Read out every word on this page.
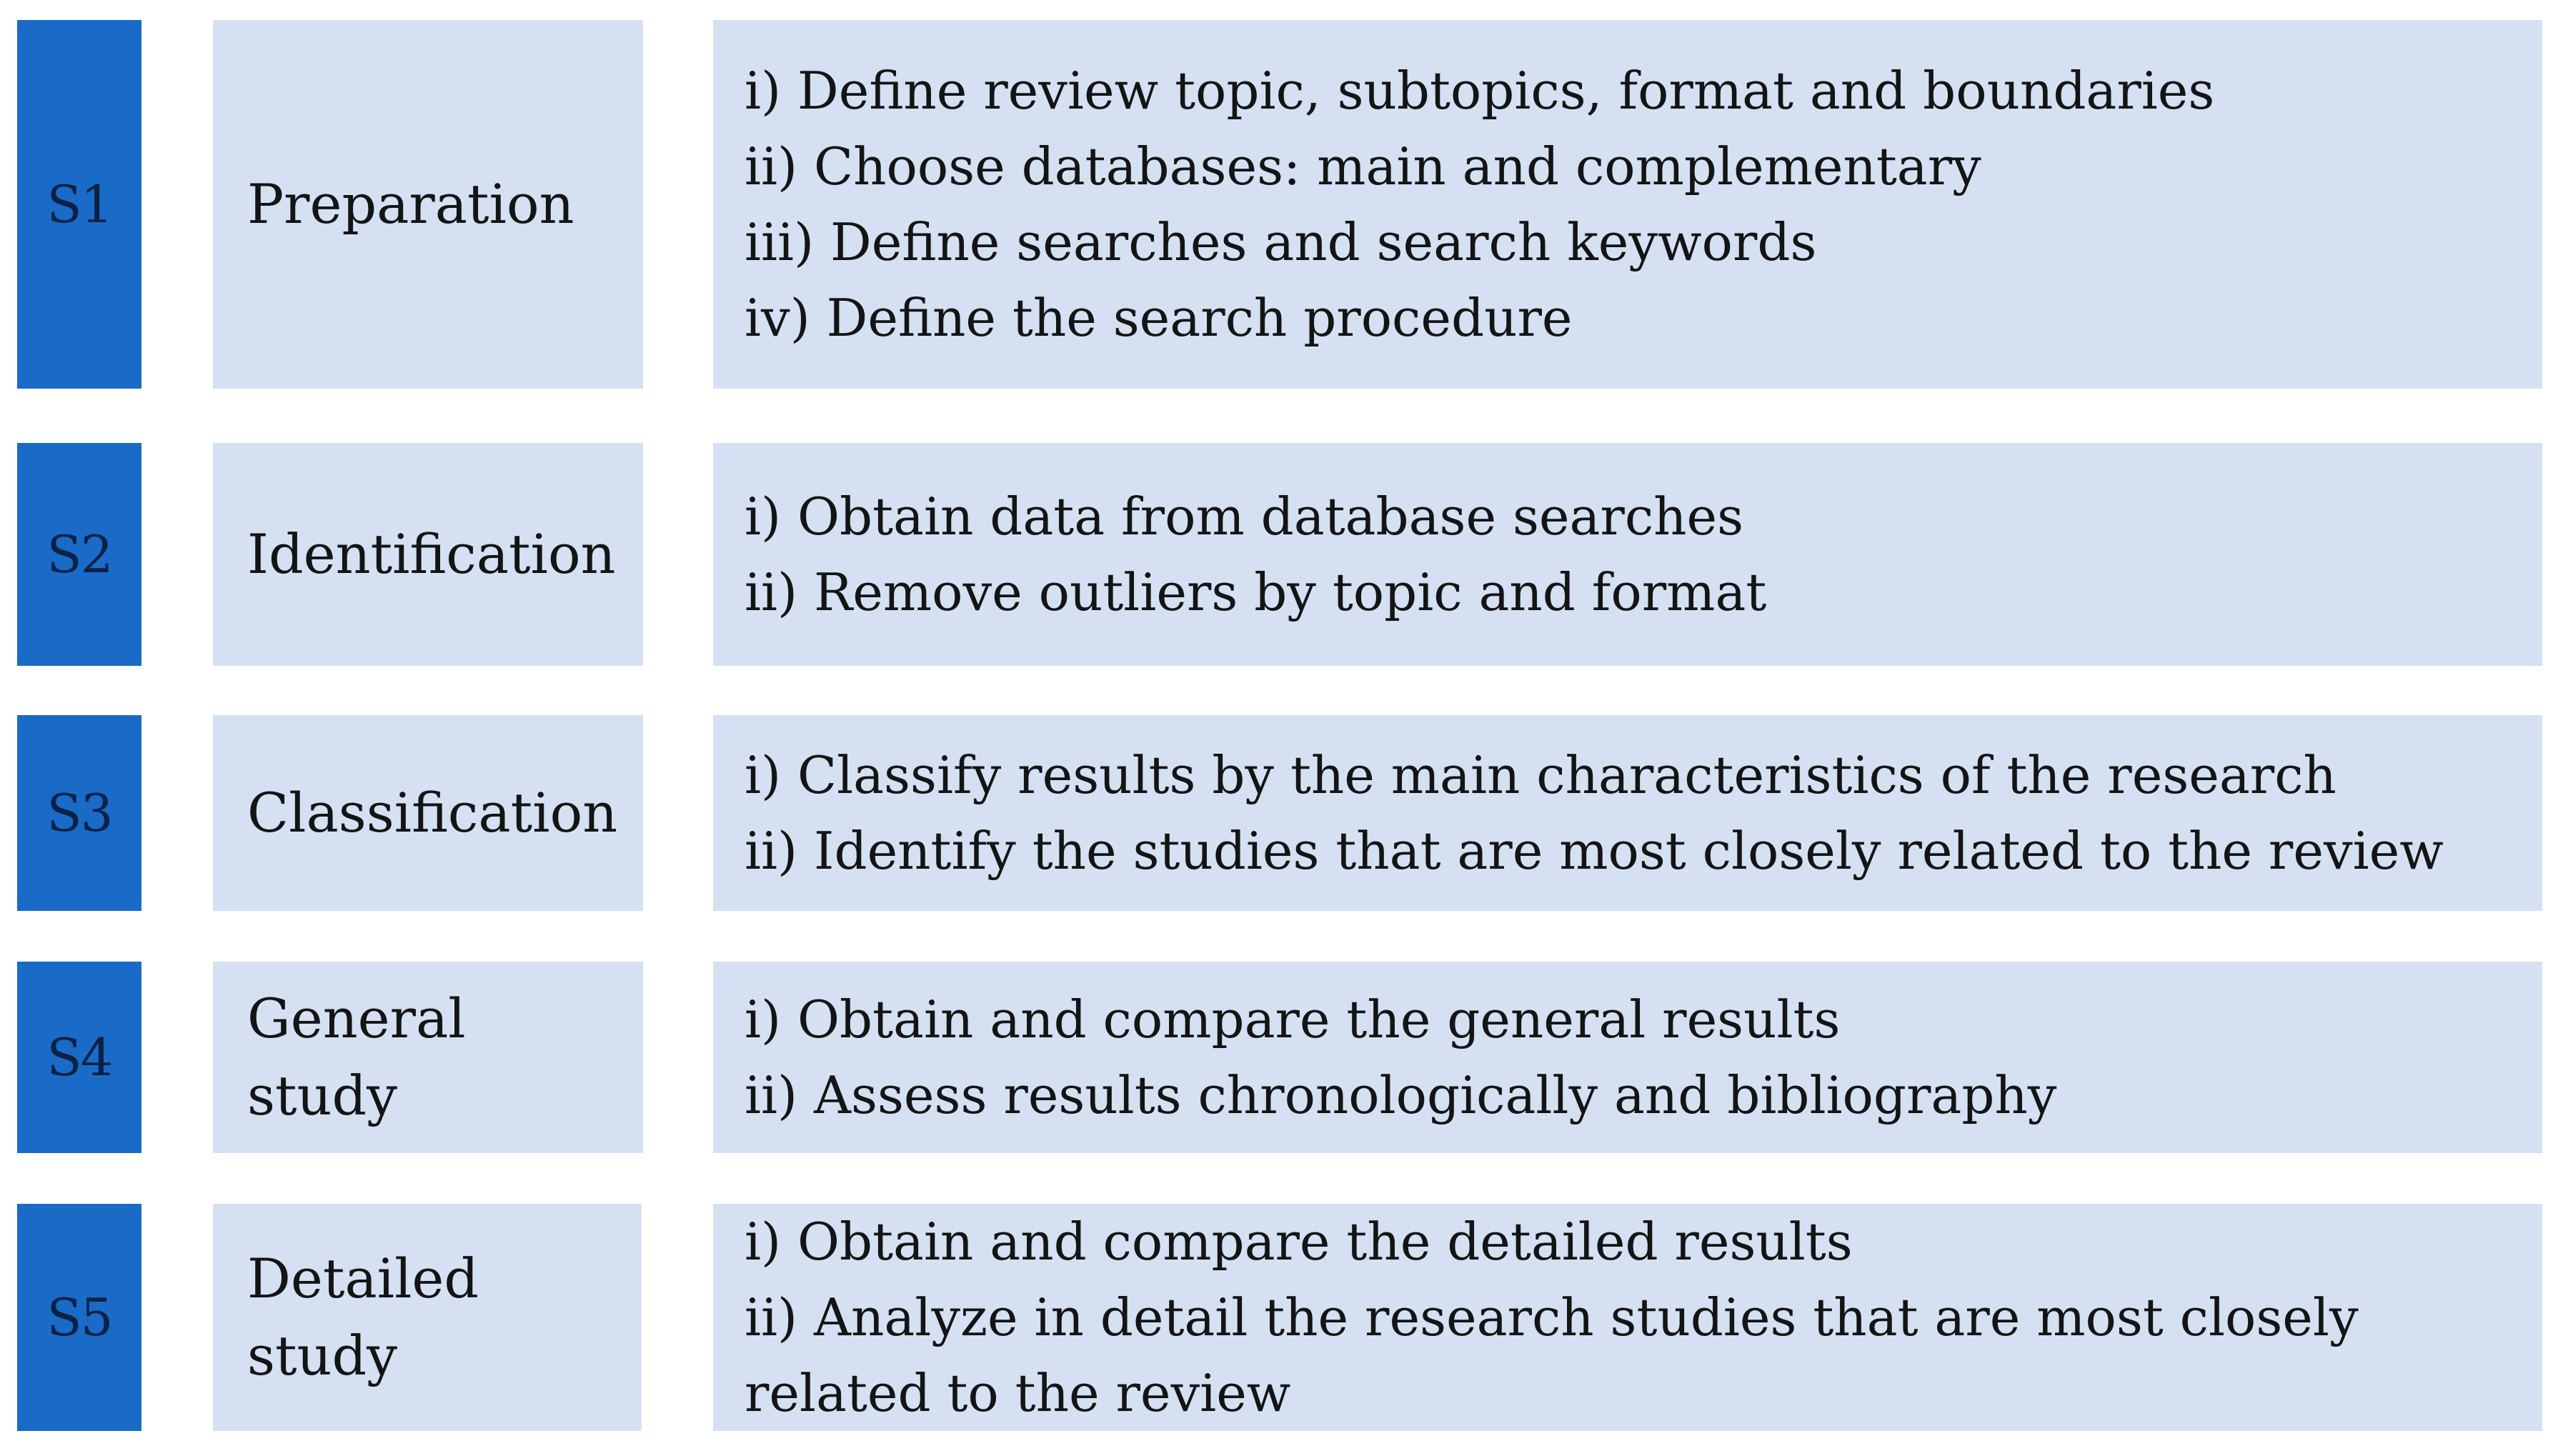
S1 Preparation
i) Define review topic, subtopics, format and boundaries
ii) Choose databases: main and complementary
iii) Define searches and search keywords
iv) Define the search procedure
S2 Identification
i) Obtain data from database searches
ii) Remove outliers by topic and format
S3 Classification
i) Classify results by the main characteristics of the research
ii) Identify the studies that are most closely related to the review
S4
General study
i) Obtain and compare the general results
ii) Assess results chronologically and bibliography
S5
Detailed study
i) Obtain and compare the detailed results
ii) Analyze in detail the research studies that are most closely related to the review
